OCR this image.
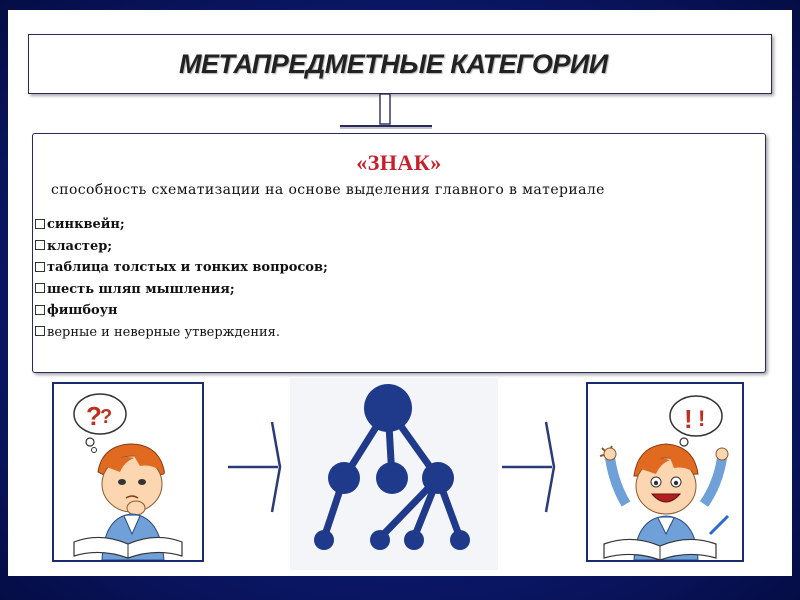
МЕТАПРЕДМЕТНЫЕ КАТЕГОРИИ
«ЗНАК»
способность схематизации на основе выделения главного в материале
синквейн;
кластер;
таблица толстых и тонких вопросов;
шесть шляп мышления;
фишбоун
верные и неверные утверждения.
?
?	! !
